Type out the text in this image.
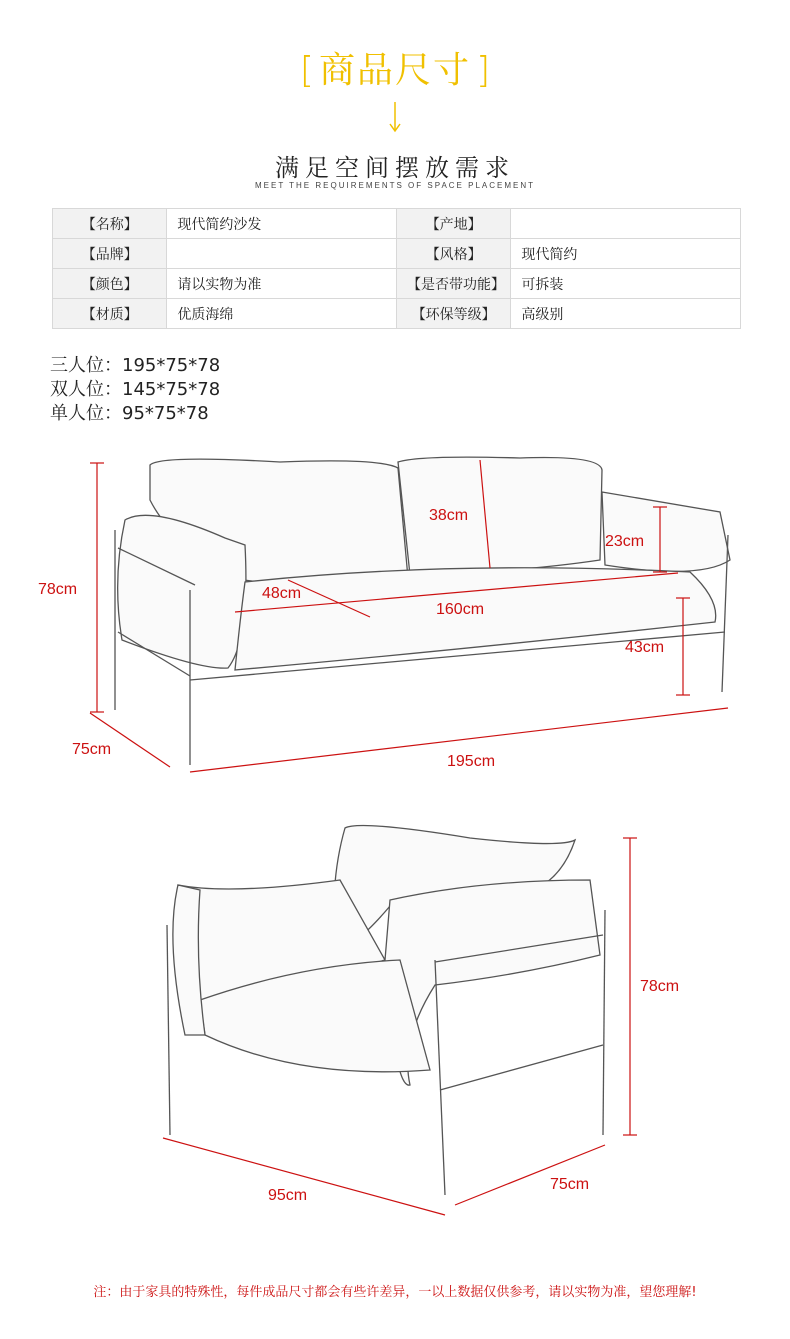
[ 商品尺寸 ]
满足空间摆放需求
MEET THE REQUIREMENTS OF SPACE PLACEMENT
【名称】	现代简约沙发	【产地】	
【品牌】		【风格】	现代简约
【颜色】	请以实物为准	【是否带功能】	可拆装
【材质】	优质海绵	【环保等级】	高级别
三人位：195*75*78
双人位：145*75*78
单人位：95*75*78
78cm
75cm
195cm
38cm
23cm
48cm
160cm
43cm
78cm
95cm
75cm
注：由于家具的特殊性，每件成品尺寸都会有些许差异，一以上数据仅供参考，请以实物为准，望您理解!
